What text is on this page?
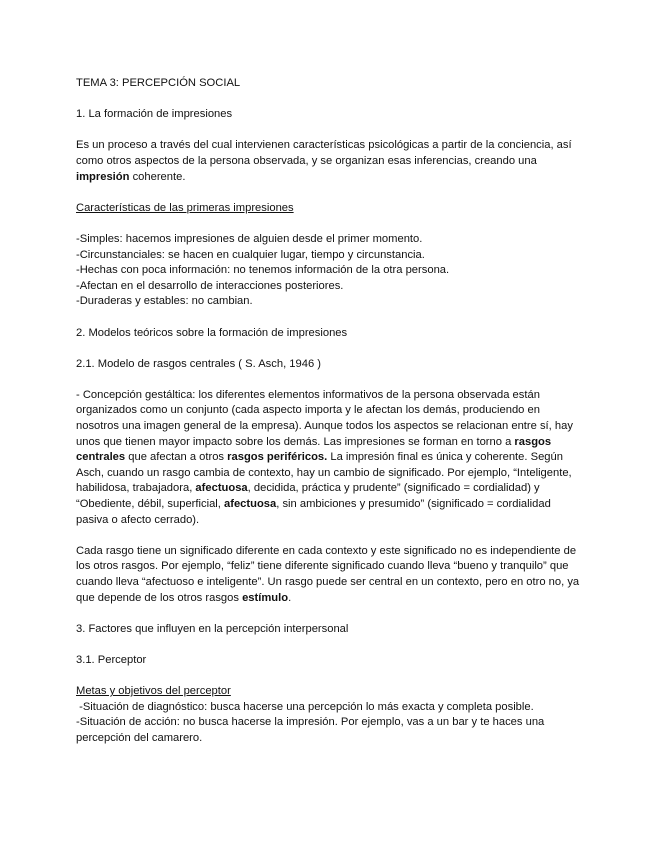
TEMA 3: PERCEPCIÓN SOCIAL

1. La formación de impresiones

Es un proceso a través del cual intervienen características psicológicas a partir de la conciencia, así como otros aspectos de la persona observada, y se organizan esas inferencias, creando una impresión coherente.

Características de las primeras impresiones

-Simples: hacemos impresiones de alguien desde el primer momento.

-Circunstanciales: se hacen en cualquier lugar, tiempo y circunstancia.

-Hechas con poca información: no tenemos información de la otra persona.

-Afectan en el desarrollo de interacciones posteriores.

-Duraderas y estables: no cambian.

2. Modelos teóricos sobre la formación de impresiones

2.1. Modelo de rasgos centrales ( S. Asch, 1946 )

- Concepción gestáltica: los diferentes elementos informativos de la persona observada están organizados como un conjunto (cada aspecto importa y le afectan los demás, produciendo en nosotros una imagen general de la empresa). Aunque todos los aspectos se relacionan entre sí, hay unos que tienen mayor impacto sobre los demás. Las impresiones se forman en torno a rasgos centrales que afectan a otros rasgos periféricos. La impresión final es única y coherente. Según Asch, cuando un rasgo cambia de contexto, hay un cambio de significado. Por ejemplo, “Inteligente, habilidosa, trabajadora, afectuosa, decidida, práctica y prudente” (significado = cordialidad) y “Obediente, débil, superficial, afectuosa, sin ambiciones y presumido” (significado = cordialidad pasiva o afecto cerrado).

Cada rasgo tiene un significado diferente en cada contexto y este significado no es independiente de los otros rasgos. Por ejemplo, “feliz” tiene diferente significado cuando lleva “bueno y tranquilo” que cuando lleva “afectuoso e inteligente”. Un rasgo puede ser central en un contexto, pero en otro no, ya que depende de los otros rasgos estímulo.

3. Factores que influyen en la percepción interpersonal

3.1. Perceptor

Metas y objetivos del perceptor

-Situación de diagnóstico: busca hacerse una percepción lo más exacta y completa posible.

-Situación de acción: no busca hacerse la impresión. Por ejemplo, vas a un bar y te haces una percepción del camarero.
